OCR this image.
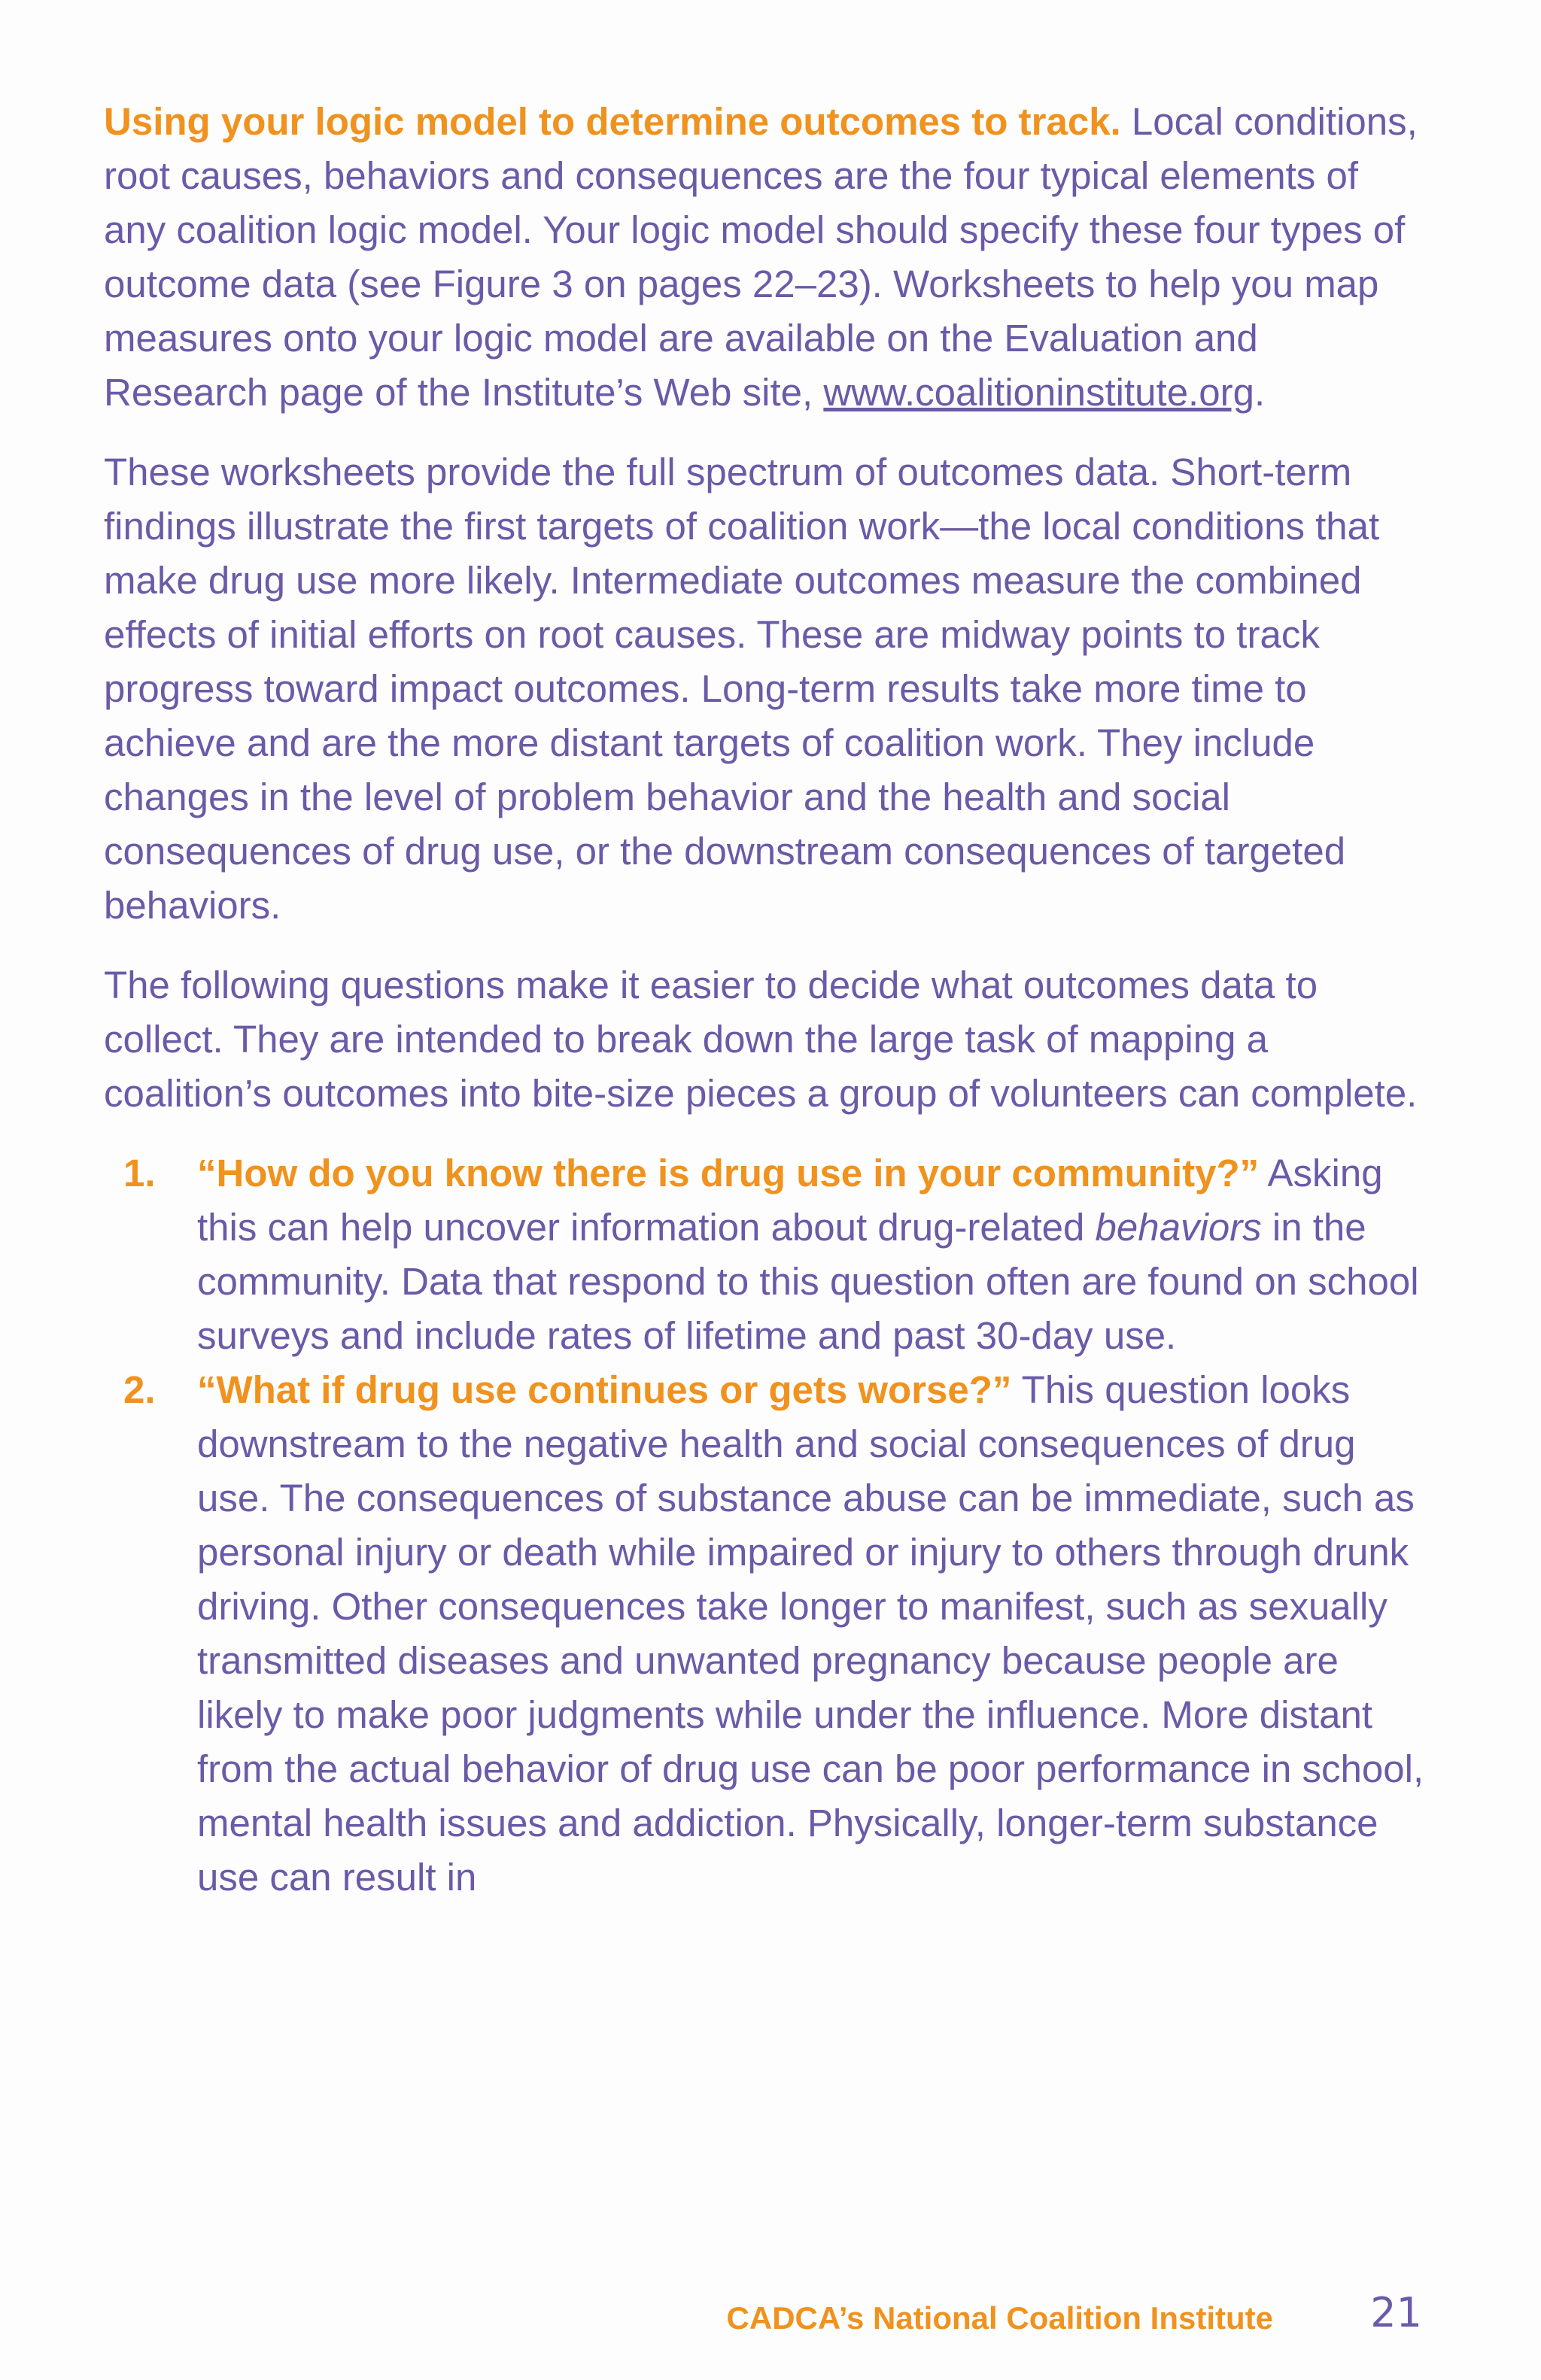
Using your logic model to determine outcomes to track. Local conditions, root causes, behaviors and consequences are the four typical elements of any coalition logic model. Your logic model should specify these four types of outcome data (see Figure 3 on pages 22–23). Worksheets to help you map measures onto your logic model are available on the Evaluation and Research page of the Institute’s Web site, www.coalitioninstitute.org.

These worksheets provide the full spectrum of outcomes data. Short-term findings illustrate the first targets of coalition work—the local conditions that make drug use more likely. Intermediate outcomes measure the combined effects of initial efforts on root causes. These are midway points to track progress toward impact outcomes. Long-term results take more time to achieve and are the more distant targets of coalition work. They include changes in the level of problem behavior and the health and social consequences of drug use, or the downstream consequences of targeted behaviors.

The following questions make it easier to decide what outcomes data to collect. They are intended to break down the large task of mapping a coalition’s outcomes into bite-size pieces a group of volunteers can complete.

1. “How do you know there is drug use in your community?” Asking this can help uncover information about drug-related behaviors in the community. Data that respond to this question often are found on school surveys and include rates of lifetime and past 30-day use.
2. “What if drug use continues or gets worse?” This question looks downstream to the negative health and social consequences of drug use. The consequences of substance abuse can be immediate, such as personal injury or death while impaired or injury to others through drunk driving. Other consequences take longer to manifest, such as sexually transmitted diseases and unwanted pregnancy because people are likely to make poor judgments while under the influence. More distant from the actual behavior of drug use can be poor performance in school, mental health issues and addiction. Physically, longer-term substance use can result in
CADCA’s National Coalition Institute 21
